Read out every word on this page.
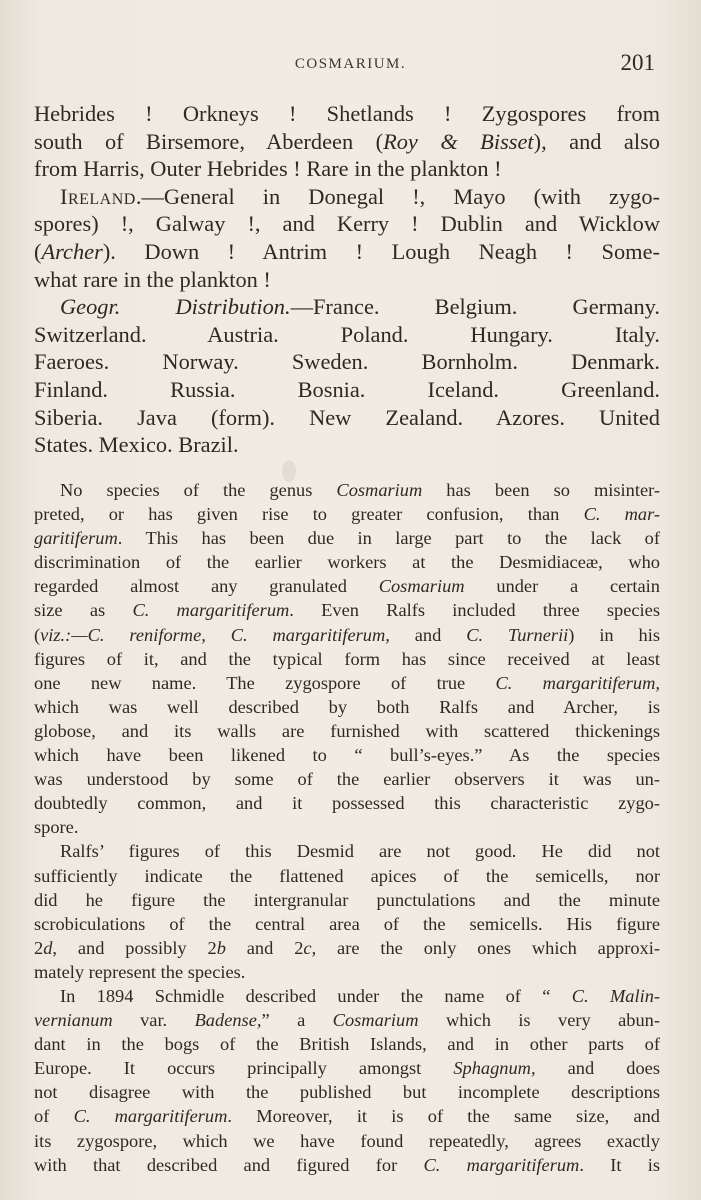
COSMARIUM.	201
Hebrides ! Orkneys ! Shetlands ! Zygospores from
south of Birsemore, Aberdeen (Roy & Bisset), and also
from Harris, Outer Hebrides ! Rare in the plankton !
Ireland.—General in Donegal !, Mayo (with zygo-
spores) !, Galway !, and Kerry ! Dublin and Wicklow
(Archer). Down ! Antrim ! Lough Neagh ! Some-
what rare in the plankton !
Geogr. Distribution.—France. Belgium. Germany.
Switzerland. Austria. Poland. Hungary. Italy.
Faeroes. Norway. Sweden. Bornholm. Denmark.
Finland. Russia. Bosnia. Iceland. Greenland.
Siberia. Java (form). New Zealand. Azores. United
States. Mexico. Brazil.
No species of the genus Cosmarium has been so misinter-
preted, or has given rise to greater confusion, than C. mar-
garitiferum. This has been due in large part to the lack of
discrimination of the earlier workers at the Desmidiaceæ, who
regarded almost any granulated Cosmarium under a certain
size as C. margaritiferum. Even Ralfs included three species
(viz.:—C. reniforme, C. margaritiferum, and C. Turnerii) in his
figures of it, and the typical form has since received at least
one new name. The zygospore of true C. margaritiferum,
which was well described by both Ralfs and Archer, is
globose, and its walls are furnished with scattered thickenings
which have been likened to “ bull’s-eyes.” As the species
was understood by some of the earlier observers it was un-
doubtedly common, and it possessed this characteristic zygo-
spore.
Ralfs’ figures of this Desmid are not good. He did not
sufficiently indicate the flattened apices of the semicells, nor
did he figure the intergranular punctulations and the minute
scrobiculations of the central area of the semicells. His figure
2d, and possibly 2b and 2c, are the only ones which approxi-
mately represent the species.
In 1894 Schmidle described under the name of “ C. Malin-
vernianum var. Badense,” a Cosmarium which is very abun-
dant in the bogs of the British Islands, and in other parts of
Europe. It occurs principally amongst Sphagnum, and does
not disagree with the published but incomplete descriptions
of C. margaritiferum. Moreover, it is of the same size, and
its zygospore, which we have found repeatedly, agrees exactly
with that described and figured for C. margaritiferum. It is
